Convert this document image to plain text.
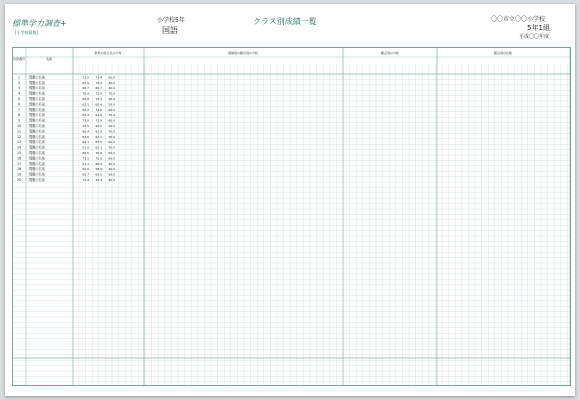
標準学力調査+
[小学校算数]
小学校5年
国語
クラス別成績一覧	〇〇市立〇〇小学校
5年1組
平成〇〇年度
出席番号	名前
教科の総合点の分布	領域別の観点別の分析	観点別の分析	観点別の比較
1	問題の名前	73.0 73.4 60.0
2	問題の名前	67.9 73.4 40.0
3	問題の名前	60.7 65.7 40.0
4	問題の名前	70.9 72.4 70.0
5	問題の名前	69.8 73.4 40.0
6	問題の名前	62.1 60.4 50.0
7	問題の名前	69.2 74.0 60.0
8	問題の名前	63.4 61.6 70.0
9	問題の名前	73.0 75.9 60.0
10 問題の名前	23.5 20.0 20.0
11 問題の名前	80.4 82.8 70.0
12 問題の名前	63.6 62.1 70.0
13 問題の名前	64.1 65.5 60.0
14 問題の名前	61.0 62.1 70.0
15 問題の名前	66.5 70.6 50.0
16 問題の名前	73.1 75.9 60.0
17 問題の名前	51.1 80.9 40.0
18 問題の名前	50.0 58.9 40.0
19 問題の名前	65.7 69.0 60.0
20 問題の名前	71.4 76.3 40.0
